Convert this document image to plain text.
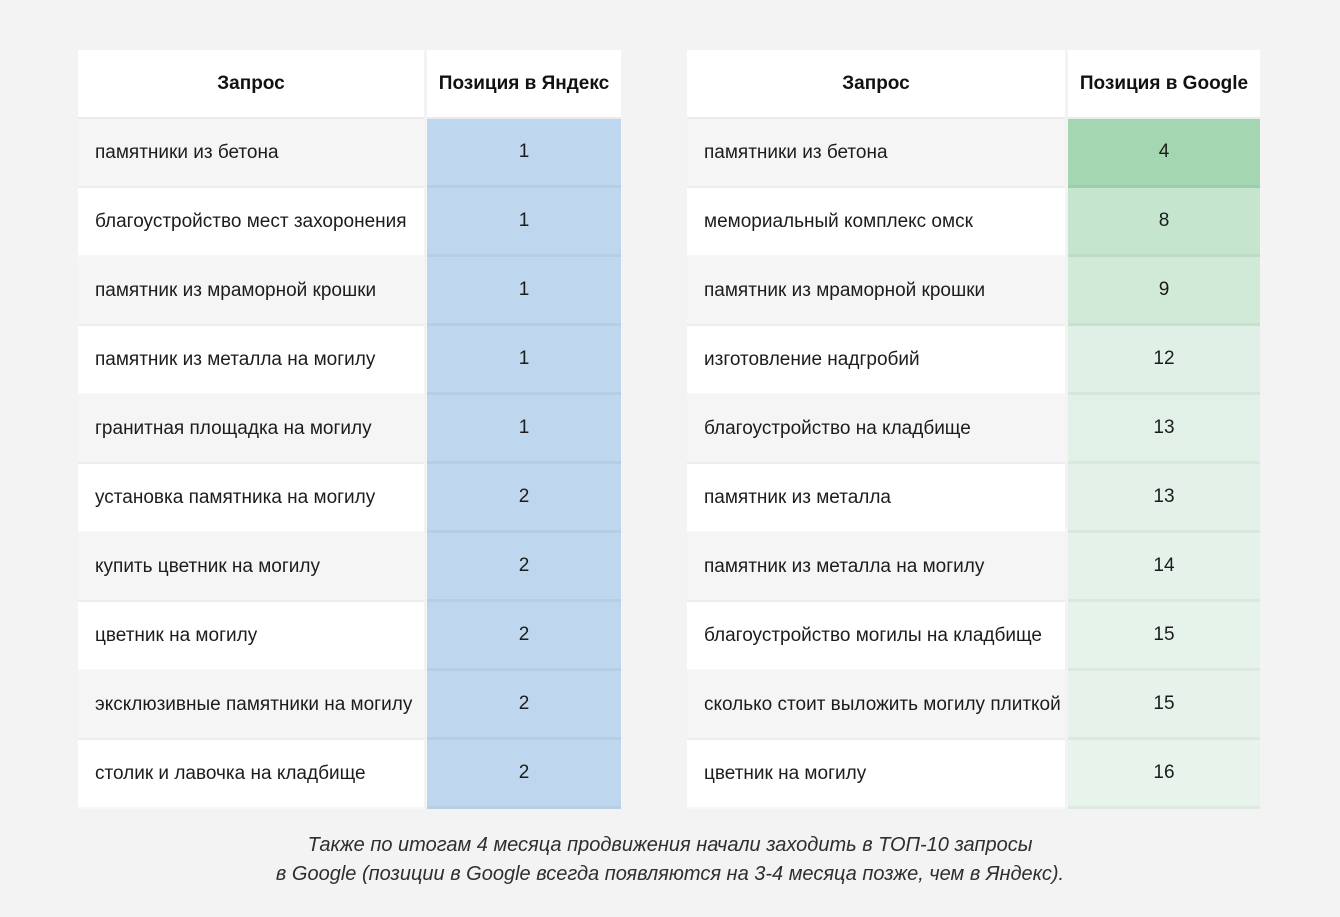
Запрос	Позиция в Яндекс
памятники из бетона	1
благоустройство мест захоронения	1
памятник из мраморной крошки	1
памятник из металла на могилу	1
гранитная площадка на могилу	1
установка памятника на могилу	2
купить цветник на могилу	2
цветник на могилу	2
эксклюзивные памятники на могилу	2
столик и лавочка на кладбище	2
Запрос	Позиция в Google
памятники из бетона	4
мемориальный комплекс омск	8
памятник из мраморной крошки	9
изготовление надгробий	12
благоустройство на кладбище	13
памятник из металла	13
памятник из металла на могилу	14
благоустройство могилы на кладбище	15
сколько стоит выложить могилу плиткой	15
цветник на могилу	16
Также по итогам 4 месяца продвижения начали заходить в ТОП-10 запросы
в Google (позиции в Google всегда появляются на 3-4 месяца позже, чем в Яндекс).
